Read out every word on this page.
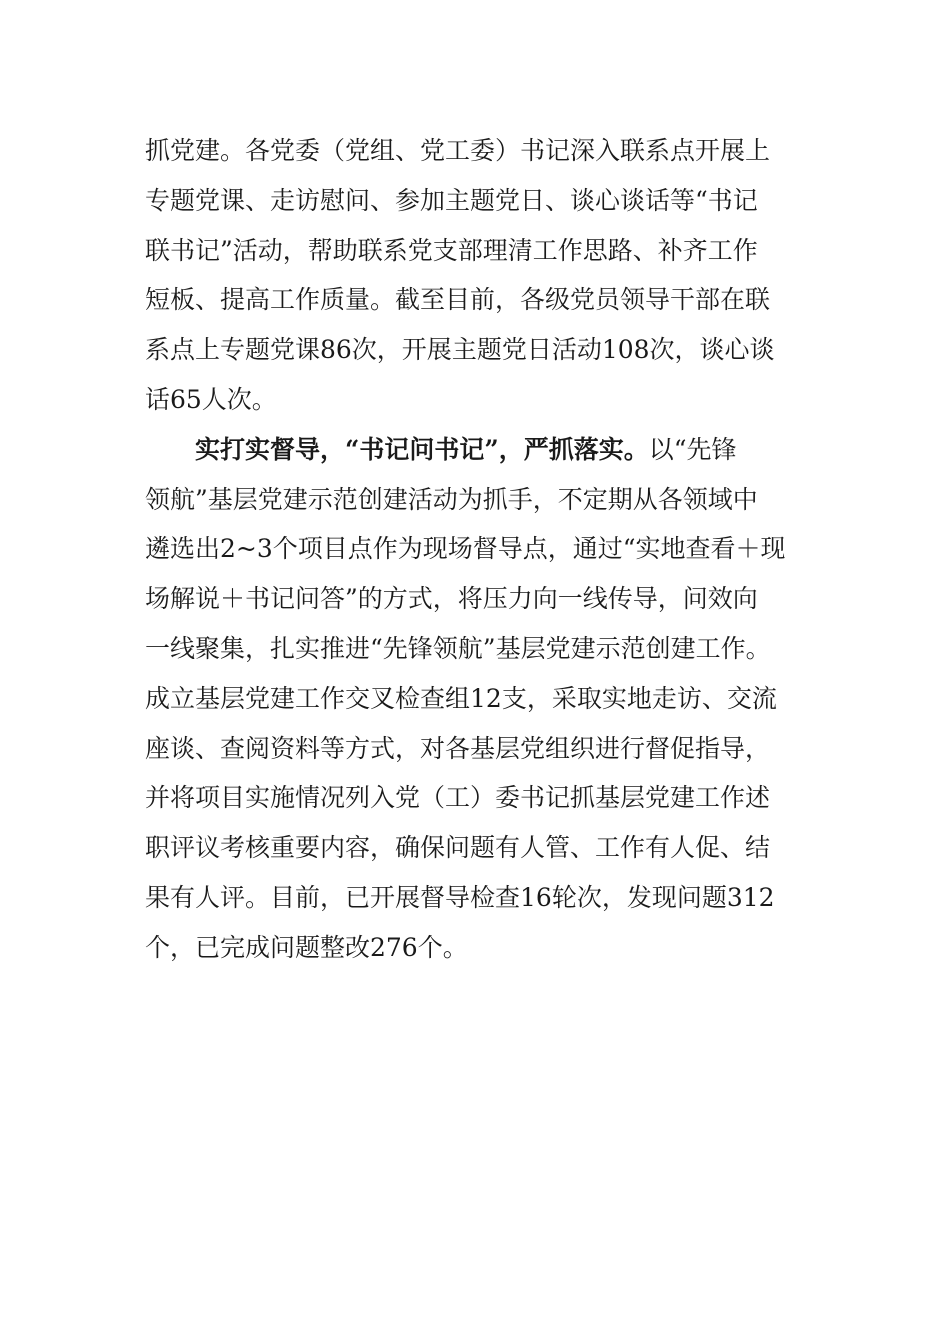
抓党建。各党委（党组、党工委）书记深入联系点开展上
专题党课、走访慰问、参加主题党日、谈心谈话等“书记
联书记”活动，帮助联系党支部理清工作思路、补齐工作
短板、提高工作质量。截至目前，各级党员领导干部在联
系点上专题党课86次，开展主题党日活动108次，谈心谈
话65人次。
实打实督导，“书记问书记”，严抓落实。以“先锋
领航”基层党建示范创建活动为抓手，不定期从各领域中
遴选出2~3个项目点作为现场督导点，通过“实地查看＋现
场解说＋书记问答”的方式，将压力向一线传导，问效向
一线聚集，扎实推进“先锋领航”基层党建示范创建工作。
成立基层党建工作交叉检查组12支，采取实地走访、交流
座谈、查阅资料等方式，对各基层党组织进行督促指导，
并将项目实施情况列入党（工）委书记抓基层党建工作述
职评议考核重要内容，确保问题有人管、工作有人促、结
果有人评。目前，已开展督导检查16轮次，发现问题312
个，已完成问题整改276个。
